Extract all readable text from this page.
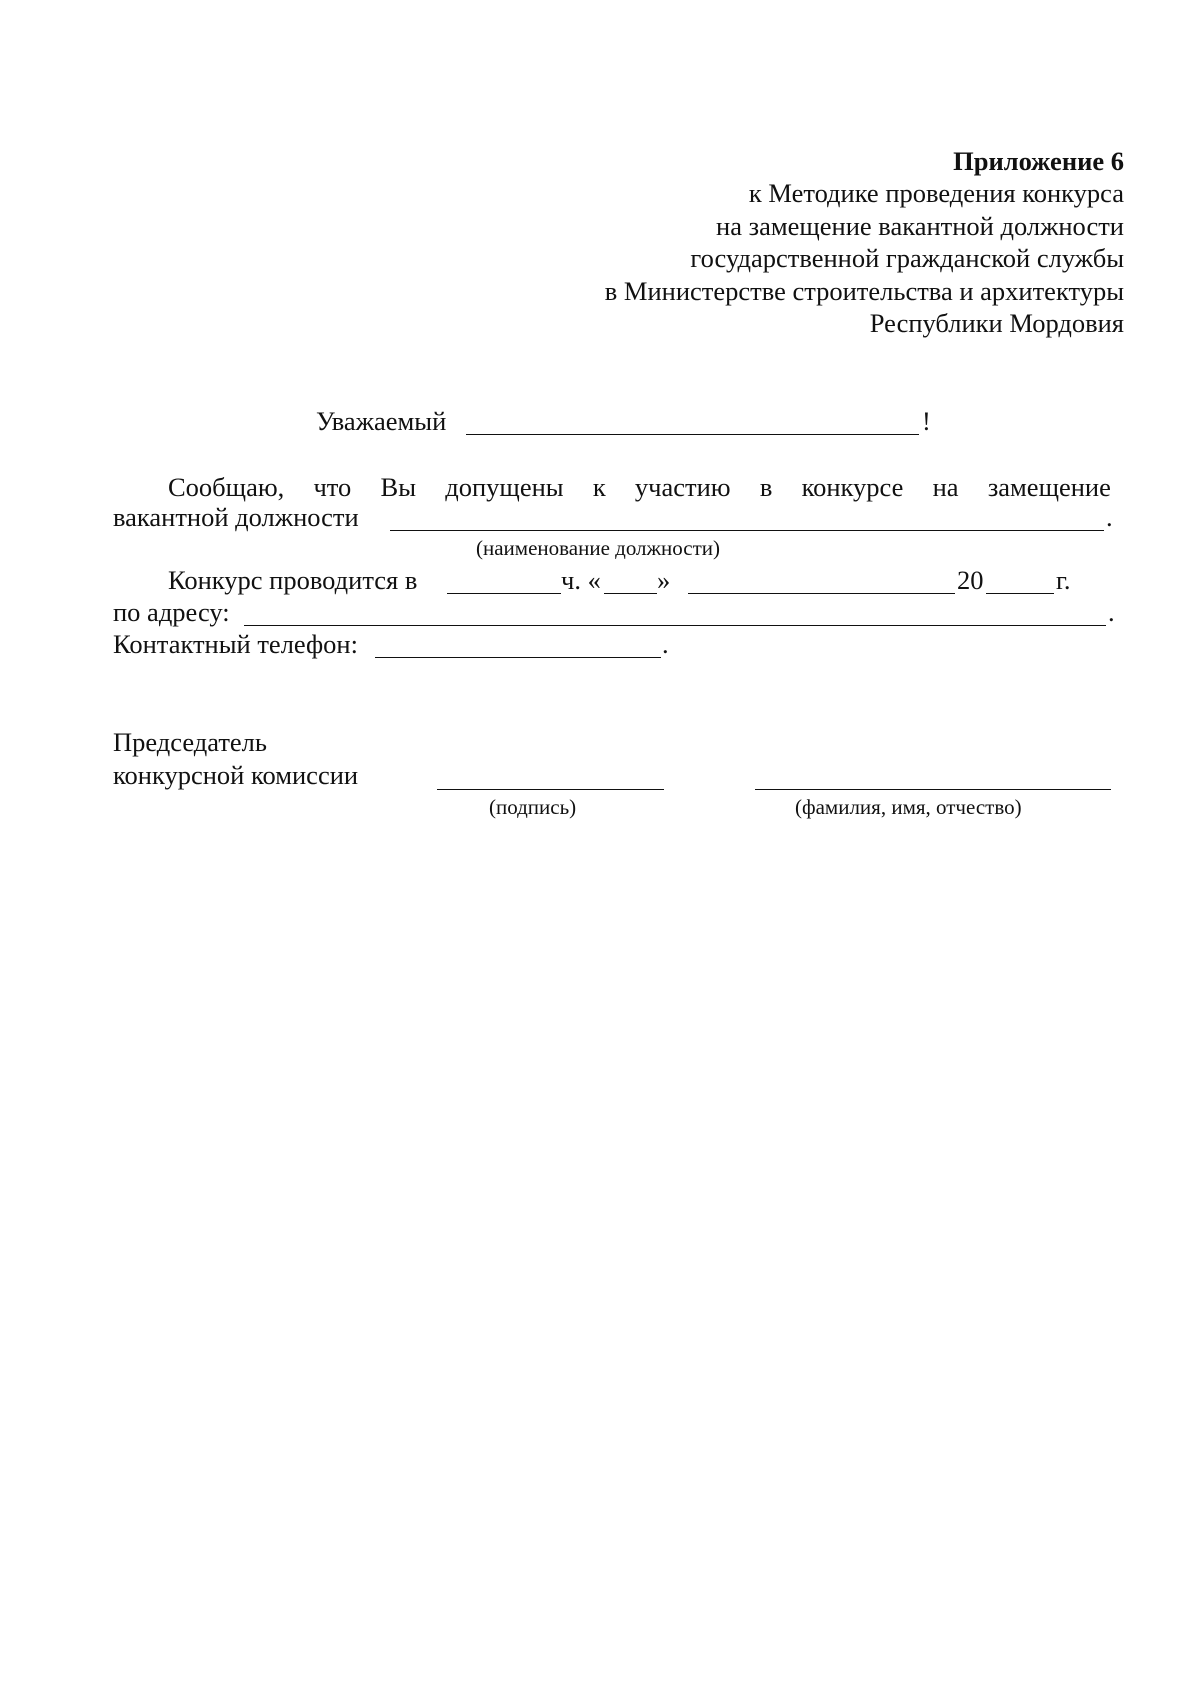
Приложение 6
к Методике проведения конкурса
на замещение вакантной должности
государственной гражданской службы
в Министерстве строительства и архитектуры
Республики Мордовия
Уважаемый	!
Сообщаю, что Вы допущены к участию в конкурсе на замещение
вакантной должности	.
(наименование должности)
Конкурс проводится в	ч. « »	20	г.
по адресу:	.
Контактный телефон:	.
Председатель
конкурсной комиссии
(подпись)	(фамилия, имя, отчество)
